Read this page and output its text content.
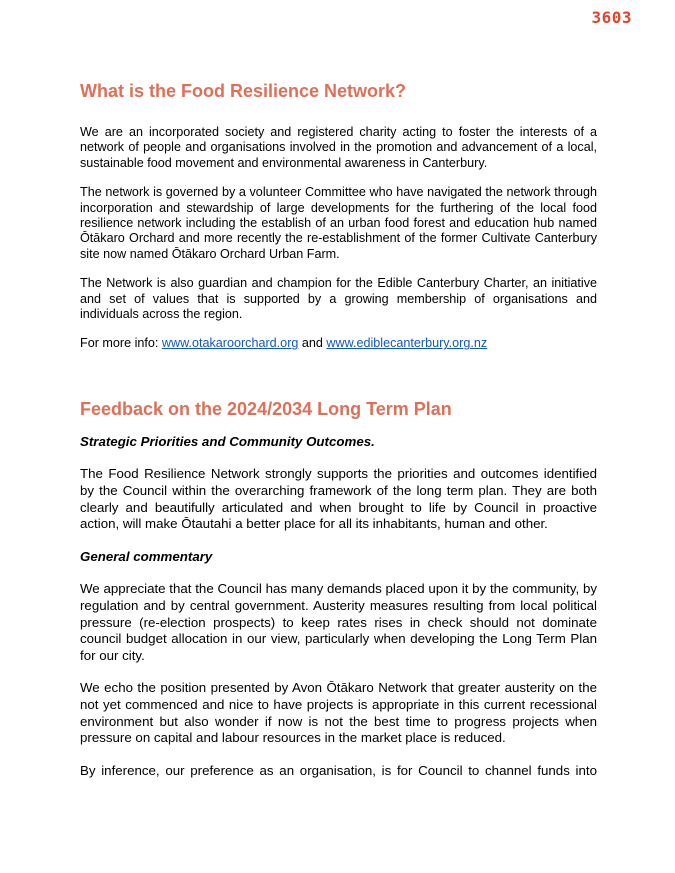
3603
What is the Food Resilience Network?

We are an incorporated society and registered charity acting to foster the interests of a network of people and organisations involved in the promotion and advancement of a local, sustainable food movement and environmental awareness in Canterbury.

The network is governed by a volunteer Committee who have navigated the network through incorporation and stewardship of large developments for the furthering of the local food resilience network including the establish of an urban food forest and education hub named Ōtākaro Orchard and more recently the re-establishment of the former Cultivate Canterbury site now named Ōtākaro Orchard Urban Farm.

The Network is also guardian and champion for the Edible Canterbury Charter, an initiative and set of values that is supported by a growing membership of organisations and individuals across the region.

For more info: www.otakaroorchard.org and www.ediblecanterbury.org.nz

Feedback on the 2024/2034 Long Term Plan

Strategic Priorities and Community Outcomes.

The Food Resilience Network strongly supports the priorities and outcomes identified by the Council within the overarching framework of the long term plan. They are both clearly and beautifully articulated and when brought to life by Council in proactive action, will make Ōtautahi a better place for all its inhabitants, human and other.

General commentary

We appreciate that the Council has many demands placed upon it by the community, by regulation and by central government. Austerity measures resulting from local political pressure (re-election prospects) to keep rates rises in check should not dominate council budget allocation in our view, particularly when developing the Long Term Plan for our city.

We echo the position presented by Avon Ōtākaro Network that greater austerity on the not yet commenced and nice to have projects is appropriate in this current recessional environment but also wonder if now is not the best time to progress projects when pressure on capital and labour resources in the market place is reduced.

By inference, our preference as an organisation, is for Council to channel funds into
